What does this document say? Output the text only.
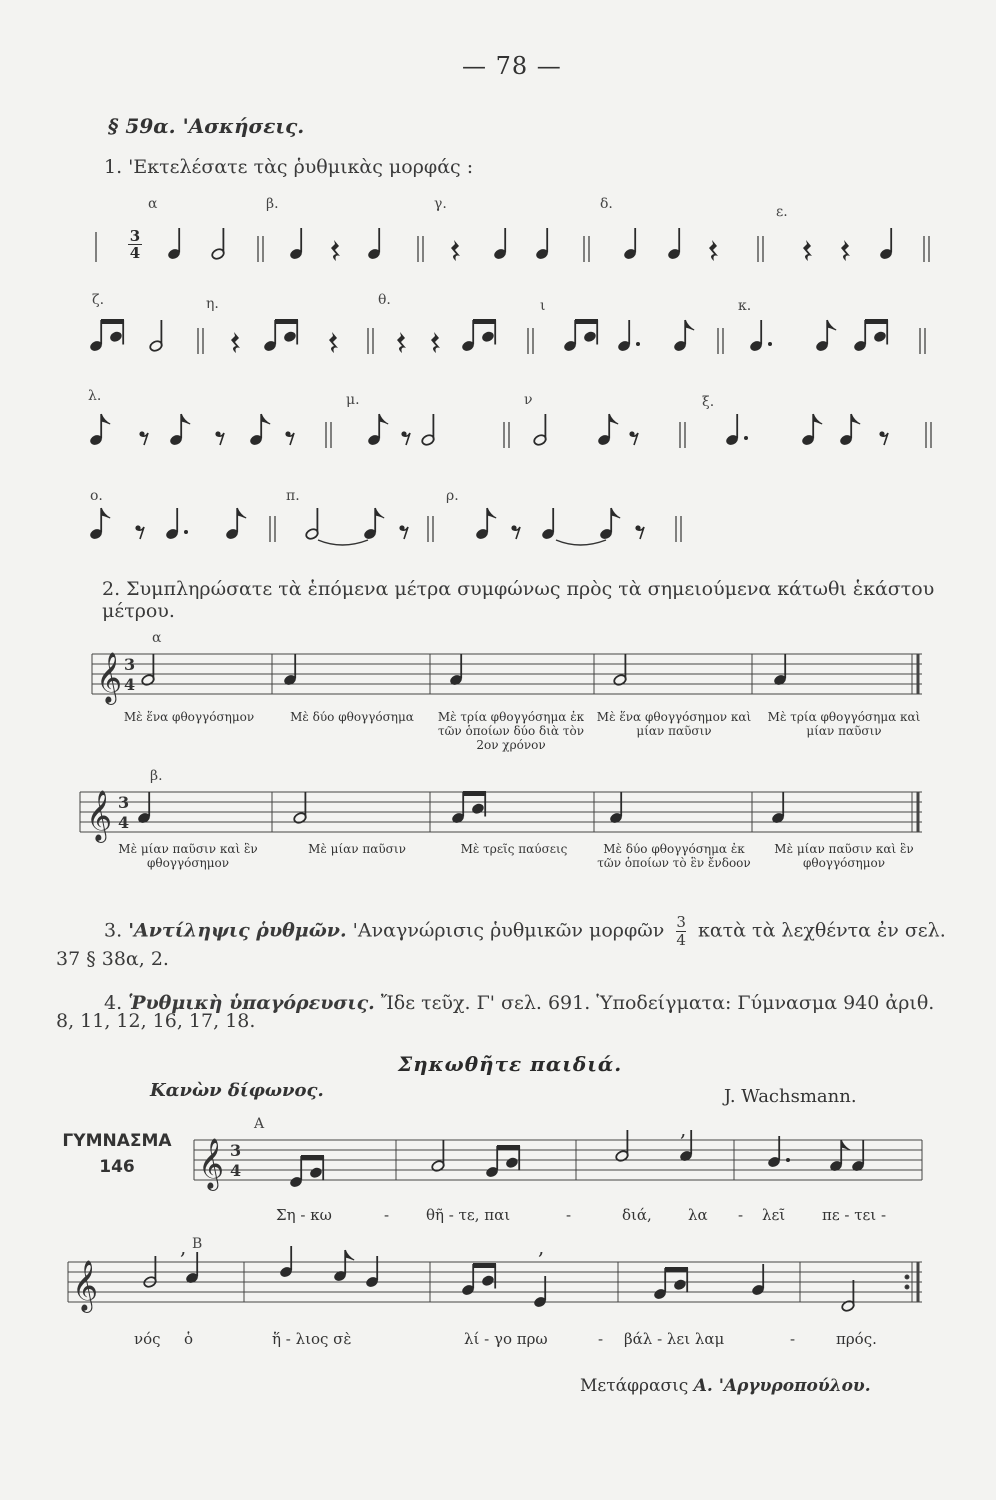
— 78 —
§ 59α. 'Ασκήσεις.
1. 'Εκτελέσατε τὰς ῥυθμικὰς μορφάς :
α	β.	γ.	δ.	ε.
ζ.	η.	θ.	ι	κ.
λ.	μ.	ν	ξ.
ο.	π.	ρ.
$\frac{3}{4}$
2. Συμπληρώσατε τὰ ἑπόμενα μέτρα συμφώνως πρὸς τὰ σημειούμενα κάτωθι ἑκάστου μέτρου.
α
β.
Μὲ ἕνα φθογγόσημον	Μὲ δύο φθογγόσημα	Μὲ τρία φθογγόσημα ἐκ τῶν ὁποίων δύο διὰ τὸν 2ον χρόνον
Μὲ ἕνα φθογγόσημον καὶ μίαν παῦσιν
Μὲ τρία φθογγόσημα καὶ μίαν παῦσιν
Μὲ μίαν παῦσιν καὶ ἓν φθογγόσημον
Μὲ μίαν παῦσιν	Μὲ τρεῖς παύσεις	Μὲ δύο φθογγόσημα ἐκ τῶν ὁποίων τὸ ἓν ἔνδοον
Μὲ μίαν παῦσιν καὶ ἓν φθογγόσημον
3. 'Αντίληψις ῥυθμῶν. 'Αναγνώρισις ῥυθμικῶν μορφῶν $\frac{3}{4}$ κατὰ τὰ λεχθέντα ἐν σελ.
37 § 38α, 2.
4. Ῥυθμικὴ ὑπαγόρευσις. Ἴδε τεῦχ. Γ' σελ. 691. Ὑποδείγματα: Γύμνασμα 940 ἀριθ.
8, 11, 12, 16, 17, 18.
Σηκωθῆτε παιδιά.
Κανὼν δίφωνος.	J. Wachsmann.
ΓΥΜΝΑΣΜΑ
146
A
B
Ση - κω	- θῆ - τε, παι	-	διά, λα - λεῖ πε - τει -
νός ὁ	ἥ - λιος σὲ	λί - γο πρω	- βάλ - λει λαμ	-	πρός.
Μετάφρασις Α. 'Αργυροπούλου.
𝄞 3
4
𝄞 3
4
𝄞 3
4
,
𝄞
,	,
